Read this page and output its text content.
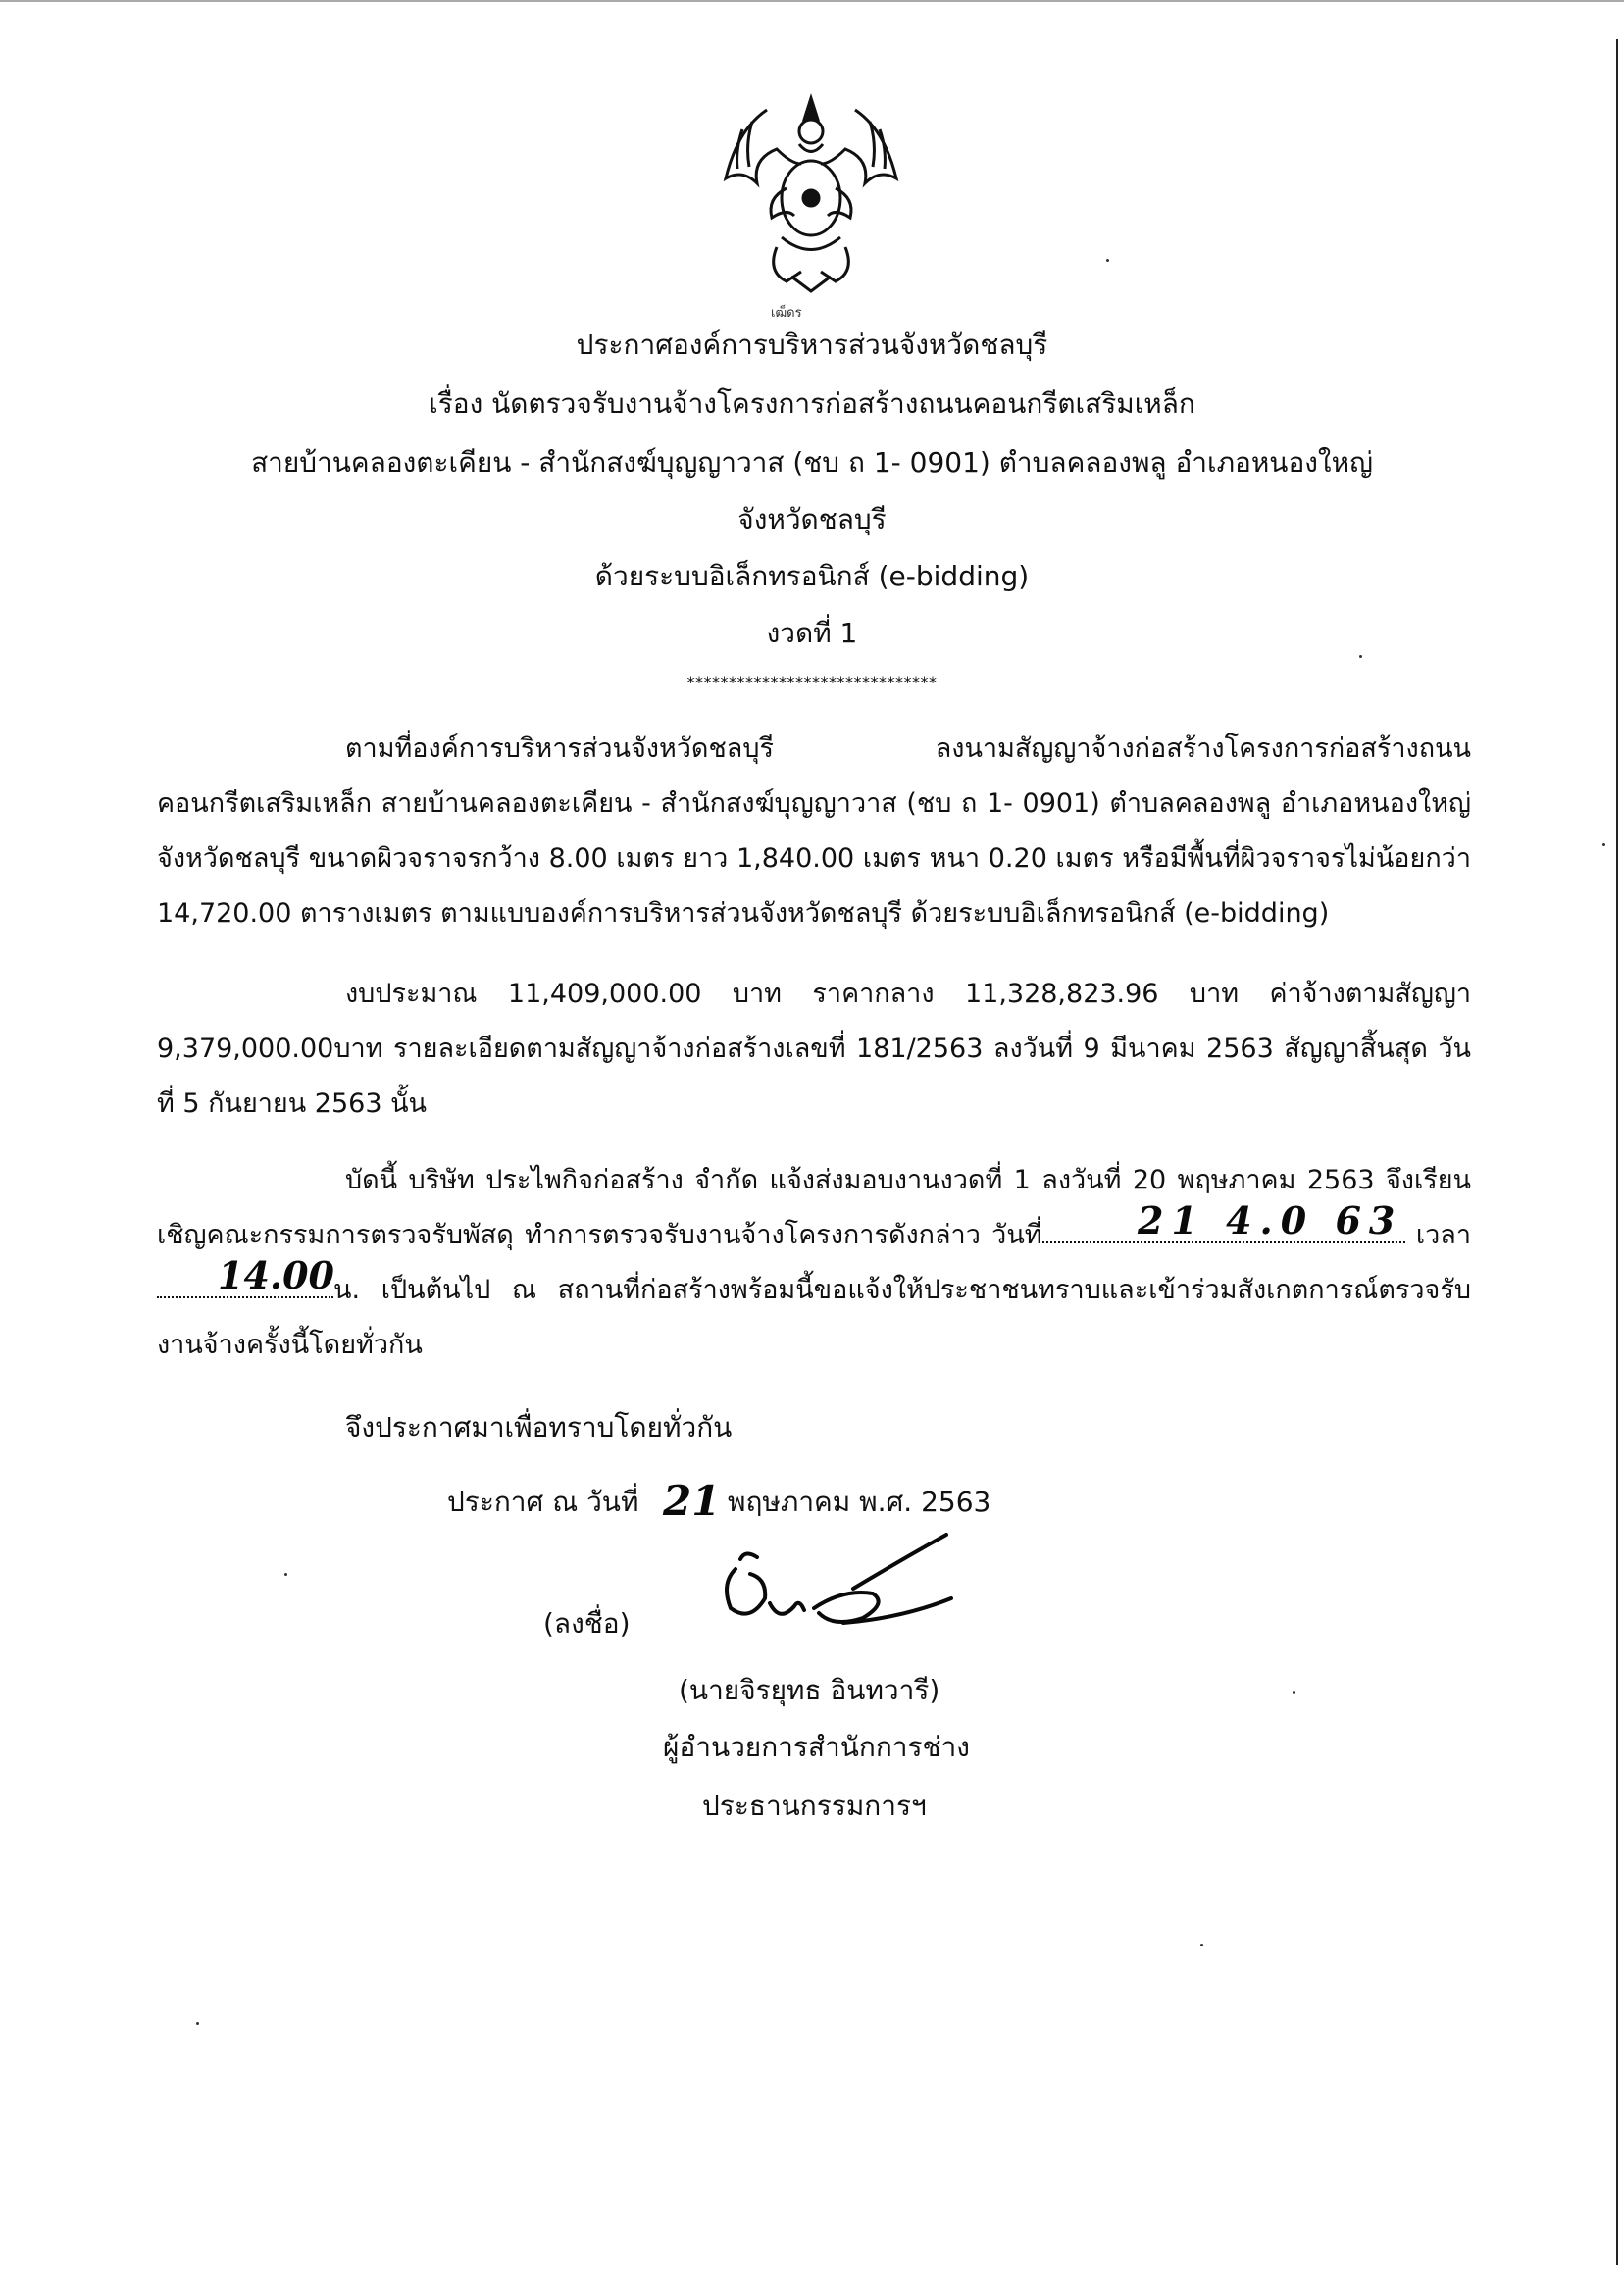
เฒ็ดร
ประกาศองค์การบริหารส่วนจังหวัดชลบุรี
เรื่อง นัดตรวจรับงานจ้างโครงการก่อสร้างถนนคอนกรีตเสริมเหล็ก
สายบ้านคลองตะเคียน - สำนักสงฆ์บุญญาวาส (ชบ ถ 1- 0901) ตำบลคลองพลู อำเภอหนองใหญ่
จังหวัดชลบุรี
ด้วยระบบอิเล็กทรอนิกส์ (e-bidding)
งวดที่ 1
******************************
ตามที่องค์การบริหารส่วนจังหวัดชลบุรี ลงนามสัญญาจ้างก่อสร้างโครงการก่อสร้างถนนคอนกรีตเสริมเหล็ก สายบ้านคลองตะเคียน - สำนักสงฆ์บุญญาวาส (ชบ ถ 1- 0901) ตำบลคลองพลู อำเภอหนองใหญ่ จังหวัดชลบุรี ขนาดผิวจราจรกว้าง 8.00 เมตร ยาว 1,840.00 เมตร หนา 0.20 เมตร หรือมีพื้นที่ผิวจราจรไม่น้อยกว่า 14,720.00 ตารางเมตร ตามแบบองค์การบริหารส่วนจังหวัดชลบุรี ด้วยระบบอิเล็กทรอนิกส์ (e-bidding)
งบประมาณ 11,409,000.00 บาท ราคากลาง 11,328,823.96 บาท ค่าจ้างตามสัญญา 9,379,000.00บาท รายละเอียดตามสัญญาจ้างก่อสร้างเลขที่ 181/2563 ลงวันที่ 9 มีนาคม 2563 สัญญาสิ้นสุด วันที่ 5 กันยายน 2563 นั้น
บัดนี้ บริษัท ประไพกิจก่อสร้าง จำกัด แจ้งส่งมอบงานงวดที่ 1 ลงวันที่ 20 พฤษภาคม 2563 จึงเรียนเชิญคณะกรรมการตรวจรับพัสดุ ทำการตรวจรับงานจ้างโครงการดังกล่าว วันที่	เวลาน. เป็นต้นไป ณ สถานที่ก่อสร้างพร้อมนี้ขอแจ้งให้ประชาชนทราบและเข้าร่วมสังเกตการณ์ตรวจรับงานจ้างครั้งนี้โดยทั่วกัน
21 4.0 63
14.00
จึงประกาศมาเพื่อทราบโดยทั่วกัน
ประกาศ ณ วันที่ 21 พฤษภาคม พ.ศ. 2563
(ลงชื่อ)
(นายจิรยุทธ อินทวารี)
ผู้อำนวยการสำนักการช่าง
ประธานกรรมการฯ
